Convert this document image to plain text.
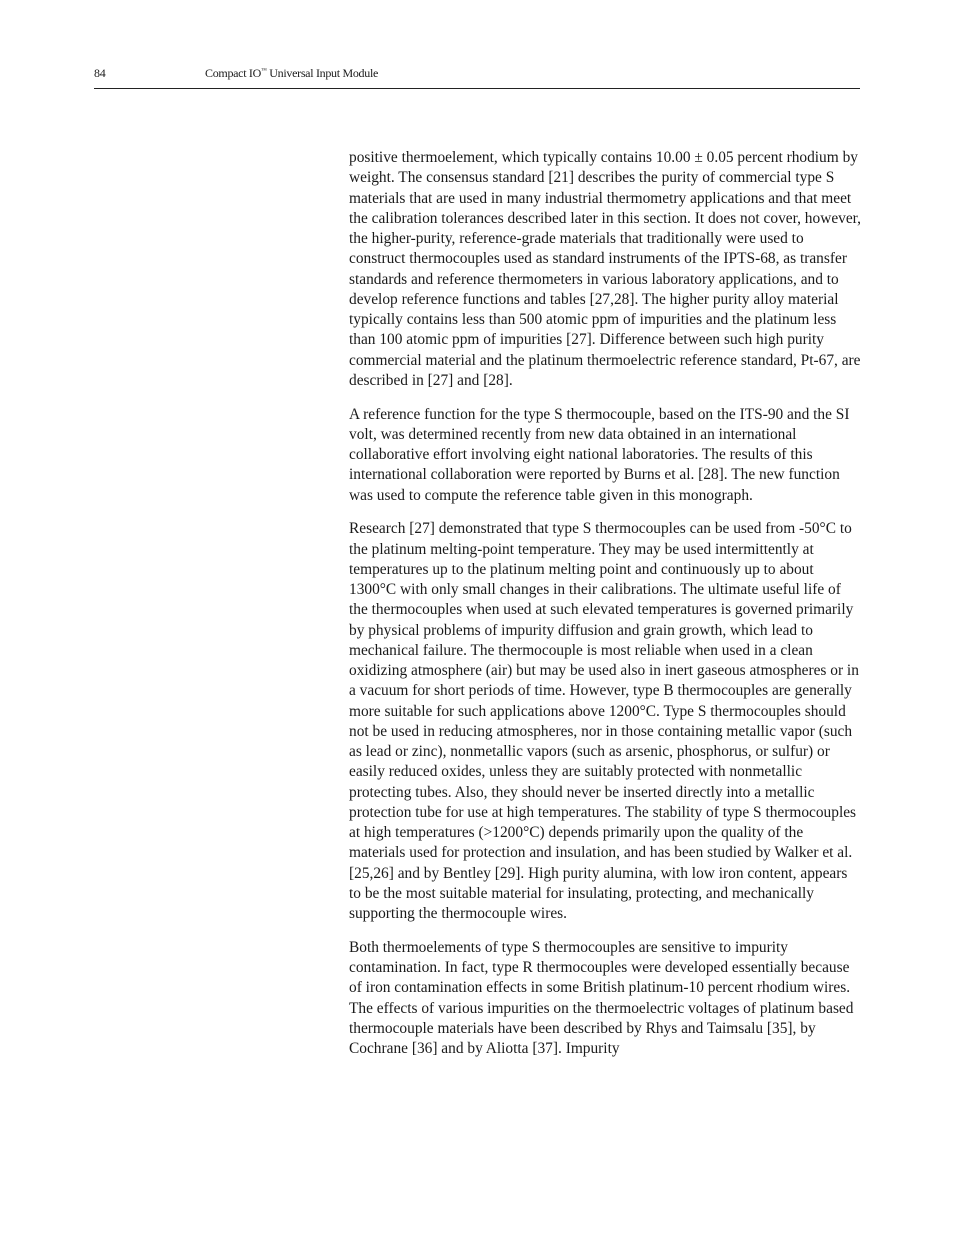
84	Compact IO™ Universal Input Module

positive thermoelement, which typically contains 10.00 ± 0.05 percent rhodium by weight. The consensus standard [21] describes the purity of commercial type S materials that are used in many industrial thermometry applications and that meet the calibration tolerances described later in this section. It does not cover, however, the higher-purity, reference-grade materials that traditionally were used to construct thermocouples used as standard instruments of the IPTS-68, as transfer standards and reference thermometers in various laboratory applications, and to develop reference functions and tables [27,28]. The higher purity alloy material typically contains less than 500 atomic ppm of impurities and the platinum less than 100 atomic ppm of impurities [27]. Difference between such high purity commercial material and the platinum thermoelectric reference standard, Pt-67, are described in [27] and [28].

A reference function for the type S thermocouple, based on the ITS-90 and the SI volt, was determined recently from new data obtained in an international collaborative effort involving eight national laboratories. The results of this international collaboration were reported by Burns et al. [28]. The new function was used to compute the reference table given in this monograph.

Research [27] demonstrated that type S thermocouples can be used from -50°C to the platinum melting-point temperature. They may be used intermittently at temperatures up to the platinum melting point and continuously up to about 1300°C with only small changes in their calibrations. The ultimate useful life of the thermocouples when used at such elevated temperatures is governed primarily by physical problems of impurity diffusion and grain growth, which lead to mechanical failure. The thermocouple is most reliable when used in a clean oxidizing atmosphere (air) but may be used also in inert gaseous atmospheres or in a vacuum for short periods of time. However, type B thermocouples are generally more suitable for such applications above 1200°C. Type S thermocouples should not be used in reducing atmospheres, nor in those containing metallic vapor (such as lead or zinc), nonmetallic vapors (such as arsenic, phosphorus, or sulfur) or easily reduced oxides, unless they are suitably protected with nonmetallic protecting tubes. Also, they should never be inserted directly into a metallic protection tube for use at high temperatures. The stability of type S thermocouples at high temperatures (>1200°C) depends primarily upon the quality of the materials used for protection and insulation, and has been studied by Walker et al. [25,26] and by Bentley [29]. High purity alumina, with low iron content, appears to be the most suitable material for insulating, protecting, and mechanically supporting the thermocouple wires.

Both thermoelements of type S thermocouples are sensitive to impurity contamination. In fact, type R thermocouples were developed essentially because of iron contamination effects in some British platinum-10 percent rhodium wires. The effects of various impurities on the thermoelectric voltages of platinum based thermocouple materials have been described by Rhys and Taimsalu [35], by Cochrane [36] and by Aliotta [37]. Impurity
